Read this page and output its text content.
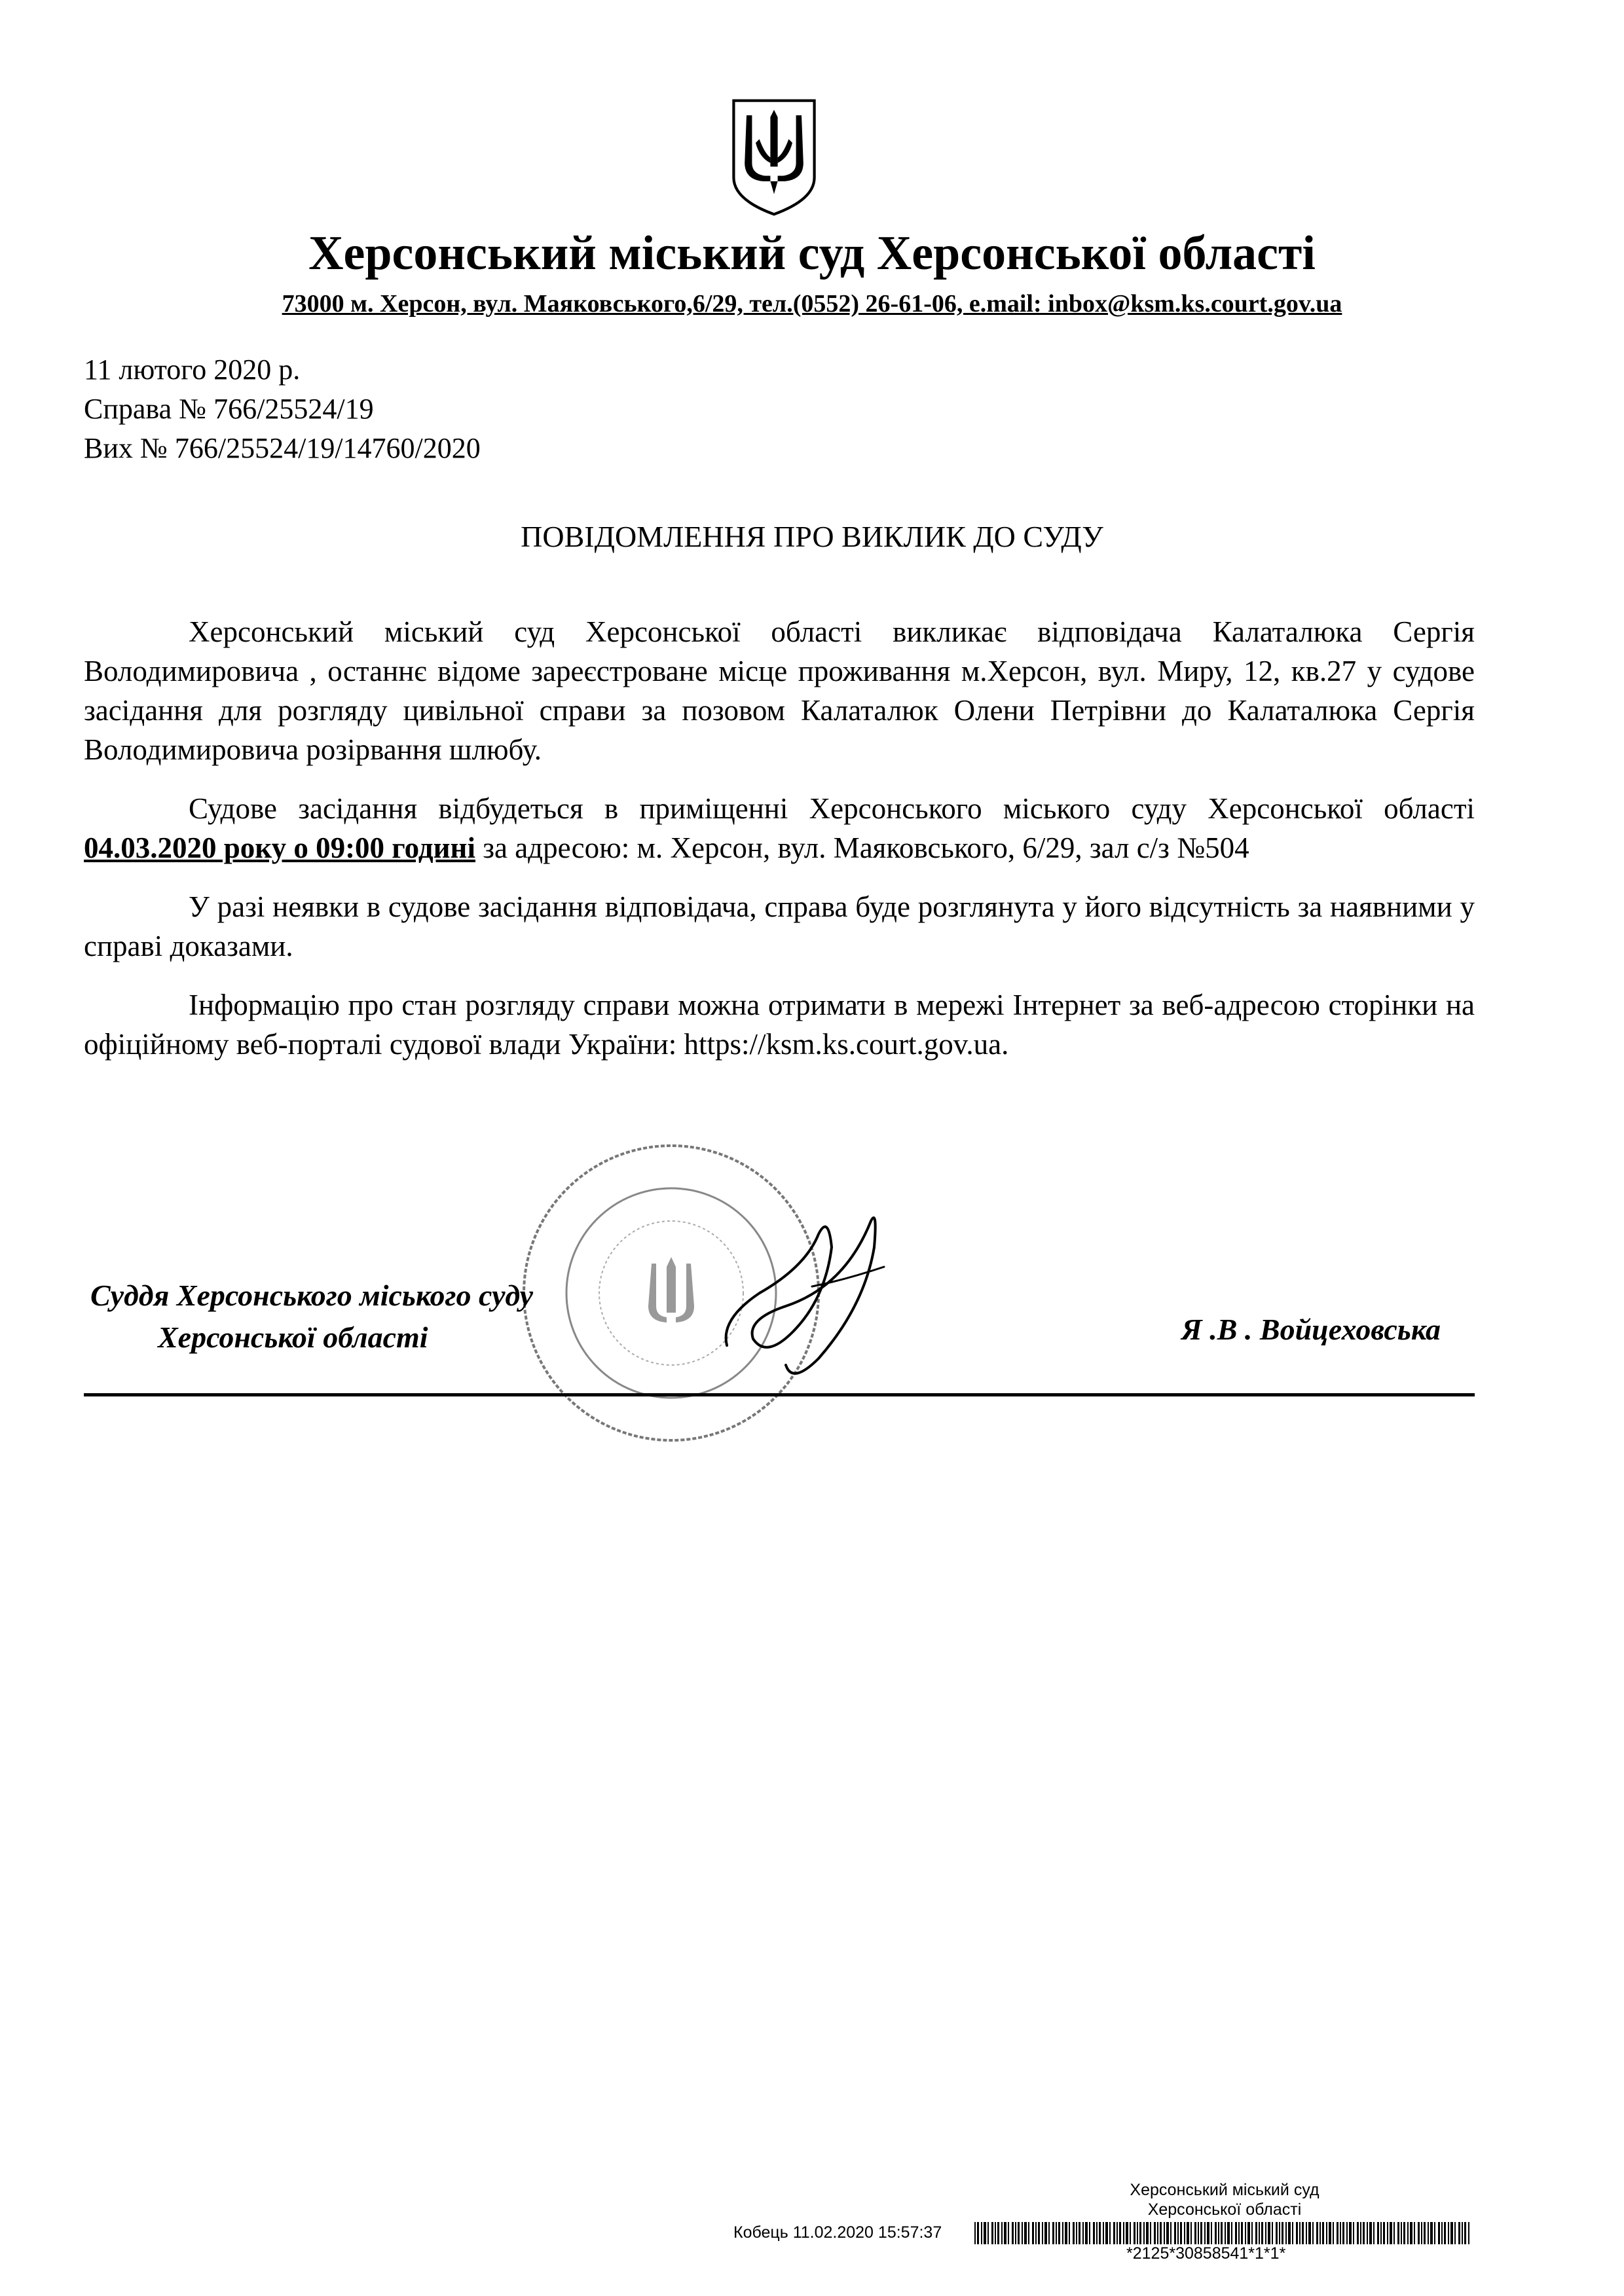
Херсонський міський суд Херсонської області
73000 м. Херсон, вул. Маяковського,6/29, тел.(0552) 26-61-06, e.mail: inbox@ksm.ks.court.gov.ua
11 лютого 2020 р.
Справа № 766/25524/19
Вих № 766/25524/19/14760/2020
ПОВІДОМЛЕННЯ ПРО ВИКЛИК ДО СУДУ

Херсонський міський суд Херсонської області викликає відповідача Калаталюка Сергія Володимировича , останнє відоме зареєстроване місце проживання м.Херсон, вул. Миру, 12, кв.27 у судове засідання для розгляду цивільної справи за позовом Калаталюк Олени Петрівни до Калаталюка Сергія Володимировича розірвання шлюбу.

Судове засідання відбудеться в приміщенні Херсонського міського суду Херсонської області 04.03.2020 року о 09:00 годині за адресою: м. Херсон, вул. Маяковського, 6/29, зал с/з №504

У разі неявки в судове засідання відповідача, справа буде розглянута у його відсутність за наявними у справі доказами.

Інформацію про стан розгляду справи можна отримати в мережі Інтернет за веб-адресою сторінки на офіційному веб-порталі судової влади України: https://ksm.ks.court.gov.ua.

Суддя Херсонського міського суду
Херсонської області	Я .В . Войцеховська
Херсонський міський суд
Херсонської області
Кобець 11.02.2020 15:57:37
*2125*30858541*1*1*
